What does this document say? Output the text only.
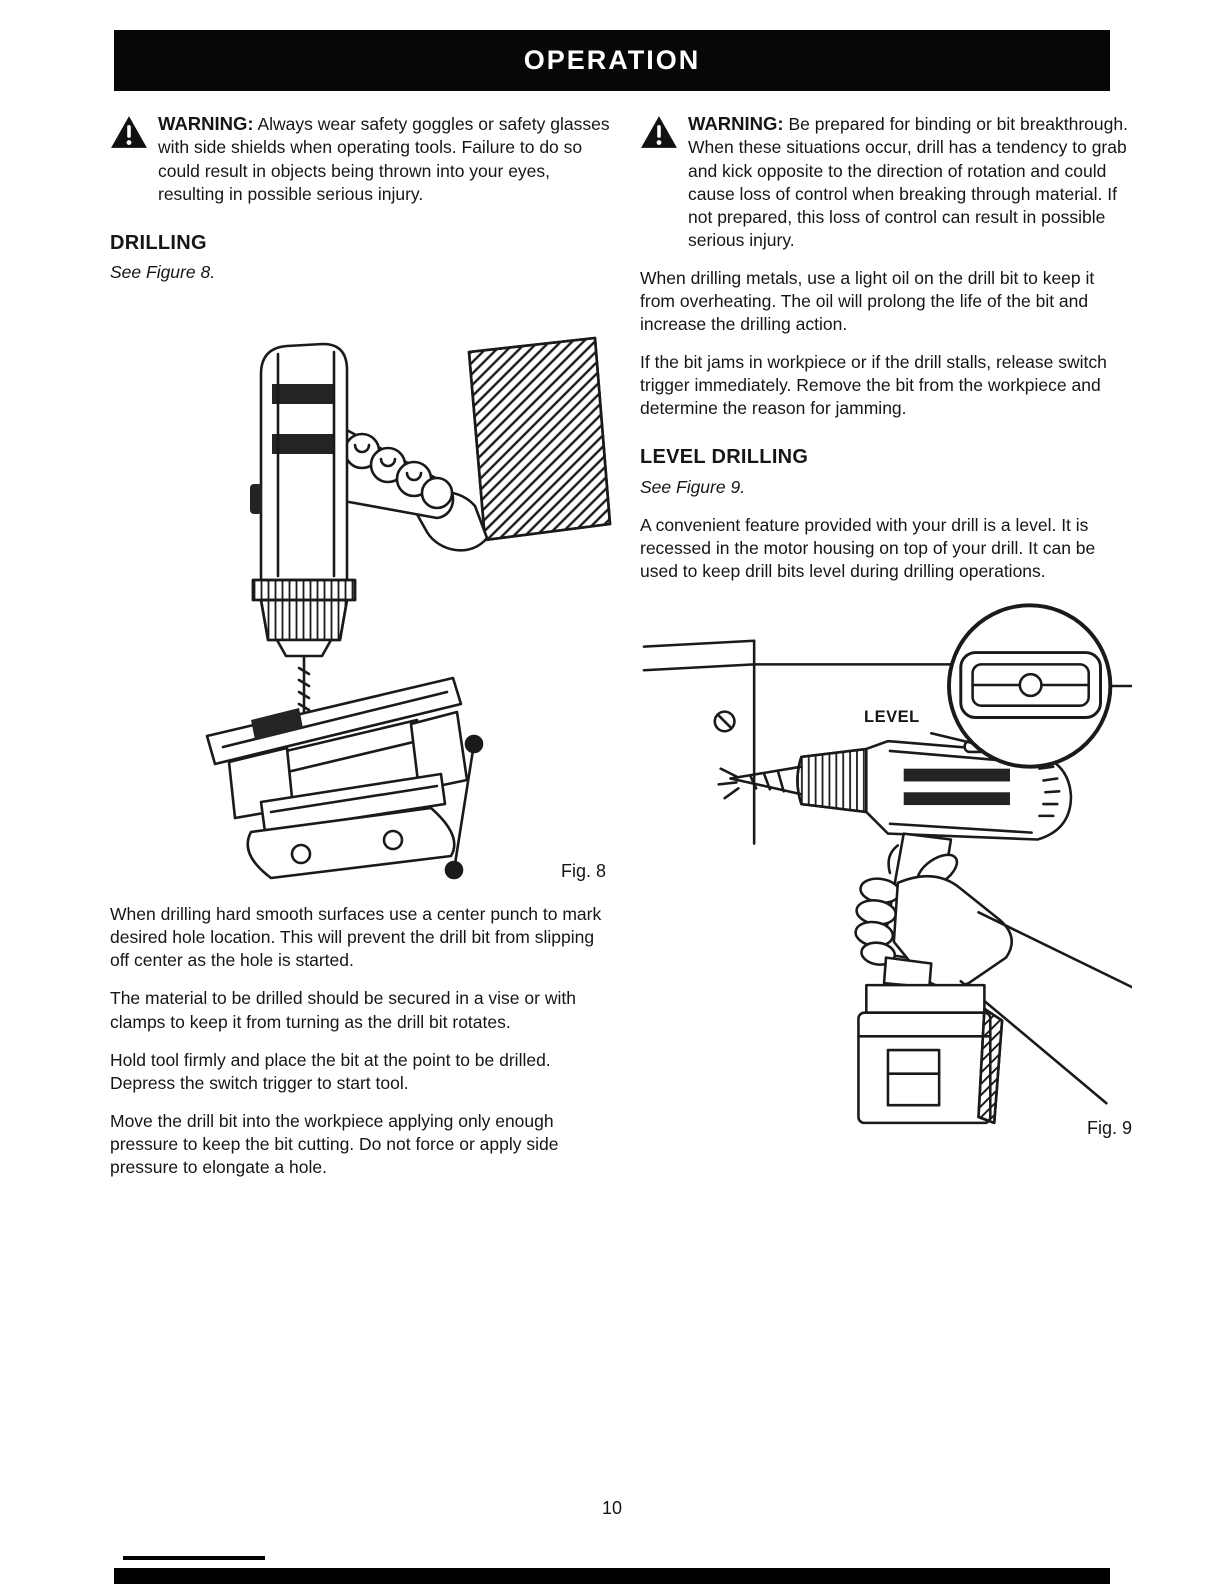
OPERATION
WARNING: Always wear safety goggles or safety glasses with side shields when operating tools. Failure to do so could result in objects being thrown into your eyes, resulting in possible serious injury.
DRILLING
See Figure 8.
Fig. 8

When drilling hard smooth surfaces use a center punch to mark desired hole location. This will prevent the drill bit from slipping off center as the hole is started.

The material to be drilled should be secured in a vise or with clamps to keep it from turning as the drill bit rotates.

Hold tool firmly and place the bit at the point to be drilled. Depress the switch trigger to start tool.

Move the drill bit into the workpiece applying only enough pressure to keep the bit cutting. Do not force or apply side pressure to elongate a hole.

WARNING: Be prepared for binding or bit breakthrough. When these situations occur, drill has a tendency to grab and kick opposite to the direction of rotation and could cause loss of control when breaking through material. If not prepared, this loss of control can result in possible serious injury.

When drilling metals, use a light oil on the drill bit to keep it from overheating. The oil will prolong the life of the bit and increase the drilling action.

If the bit jams in workpiece or if the drill stalls, release switch trigger immediately. Remove the bit from the workpiece and determine the reason for jamming.

LEVEL DRILLING
See Figure 9.

A convenient feature provided with your drill is a level. It is recessed in the motor housing on top of your drill. It can be used to keep drill bits level during drilling operations.

LEVEL
Fig. 9
10
